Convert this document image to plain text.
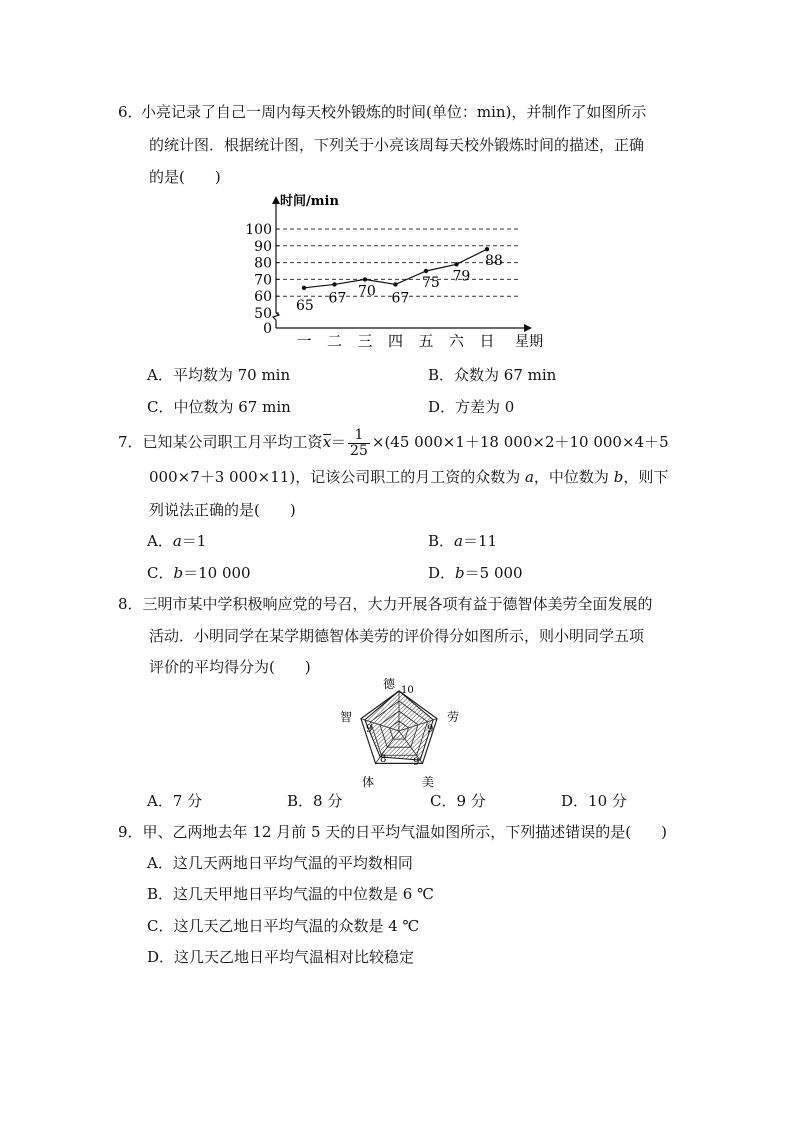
6．
小亮记录了自己一周内每天校外锻炼的时间(单位：min)，并制作了如图所示
的统计图．根据统计图，下列关于小亮该周每天校外锻炼时间的描述，正确
的是(　　)
0
50
60
70
80
90
100
65 67 70 67
75 79
88
一 二 三 四 五 六 日
时间/min
星期
A．平均数为 70 min	B．众数为 67 min
C．中位数为 67 min	D．方差为 0
7．已知某公司职工月平均工资$x= \frac{1}{25} \times(45$ 000×1＋18 000×2＋10 000×4＋5
000×7＋3 000×11)，记该公司职工的月工资的众数为 a，中位数为 b，则下
列说法正确的是(　　)
A．a＝1	B．a＝11
C．b＝10 000	D．b＝5 000
8．三明市某中学积极响应党的号召，大力开展各项有益于德智体美劳全面发展的
活动．小明同学在某学期德智体美劳的评价得分如图所示，则小明同学五项
评价的平均得分为(　　)
德
劳
美
体
智
10
9
9
8
9
A．7 分	B．8 分	C．9 分	D．10 分
9．甲、乙两地去年 12 月前 5 天的日平均气温如图所示，下列描述错误的是(　　)
A．这几天两地日平均气温的平均数相同
B．这几天甲地日平均气温的中位数是 6 ℃
C．这几天乙地日平均气温的众数是 4 ℃
D．这几天乙地日平均气温相对比较稳定
